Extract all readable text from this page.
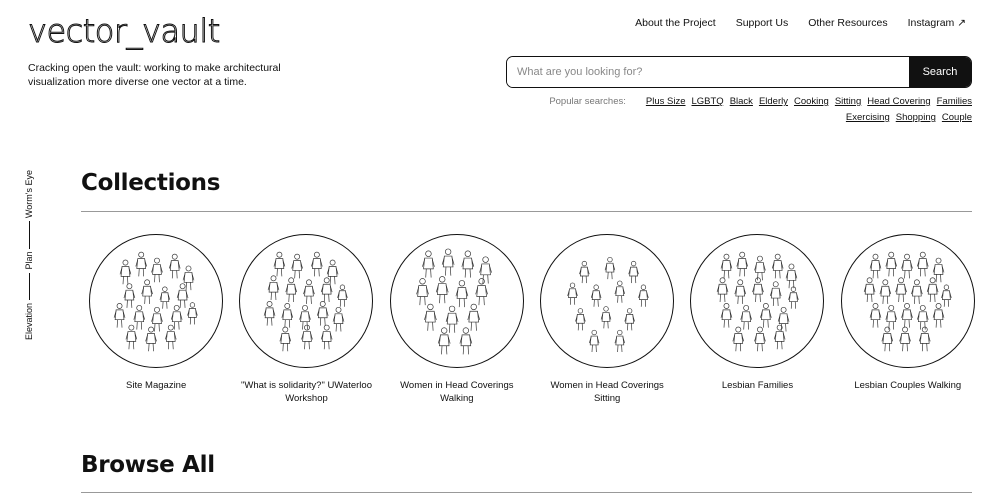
vector_vault

Cracking open the vault: working to make architectural visualization more diverse one vector at a time.

About the Project Support Us Other Resources Instagram ↗
What are you looking for?
Search
Popular searches: Plus Size LGBTQ Black Elderly Cooking Sitting Head Covering Families
Exercising Shopping Couple
Elevation
Plan
Worm's Eye Collections
Site Magazine	"What is solidarity?" UWaterloo Workshop
Women in Head Coverings Walking
Women in Head Coverings Sitting
Lesbian Families	Lesbian Couples Walking
Browse All
